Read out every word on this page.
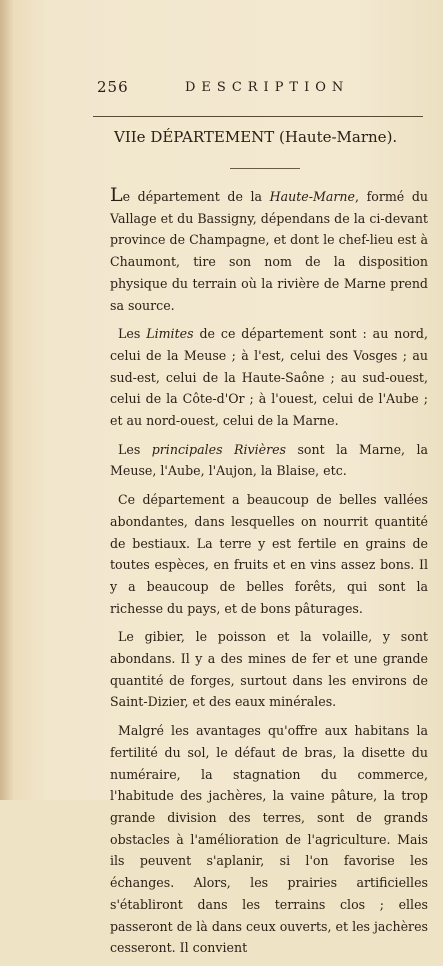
256	DESCRIPTION
VIIe DÉPARTEMENT (Haute-Marne).

Le département de la Haute-Marne, formé du Vallage et du Bassigny, dépendans de la ci-devant province de Champagne, et dont le chef-lieu est à Chaumont, tire son nom de la disposition physique du terrain où la rivière de Marne prend sa source.

Les Limites de ce département sont : au nord, celui de la Meuse ; à l'est, celui des Vosges ; au sud-est, celui de la Haute-Saône ; au sud-ouest, celui de la Côte-d'Or ; à l'ouest, celui de l'Aube ; et au nord-ouest, celui de la Marne.

Les principales Rivières sont la Marne, la Meuse, l'Aube, l'Aujon, la Blaise, etc.

Ce département a beaucoup de belles vallées abondantes, dans lesquelles on nourrit quantité de bestiaux. La terre y est fertile en grains de toutes espèces, en fruits et en vins assez bons. Il y a beaucoup de belles forêts, qui sont la richesse du pays, et de bons pâturages.

Le gibier, le poisson et la volaille, y sont abondans. Il y a des mines de fer et une grande quantité de forges, surtout dans les environs de Saint-Dizier, et des eaux minérales.

Malgré les avantages qu'offre aux habitans la fertilité du sol, le défaut de bras, la disette du numéraire, la stagnation du commerce, l'habitude des jachères, la vaine pâture, la trop grande division des terres, sont de grands obstacles à l'amélioration de l'agriculture. Mais ils peuvent s'aplanir, si l'on favorise les échanges. Alors, les prairies artificielles s'établiront dans les terrains clos ; elles passeront de là dans ceux ouverts, et les jachères cesseront. Il convient
